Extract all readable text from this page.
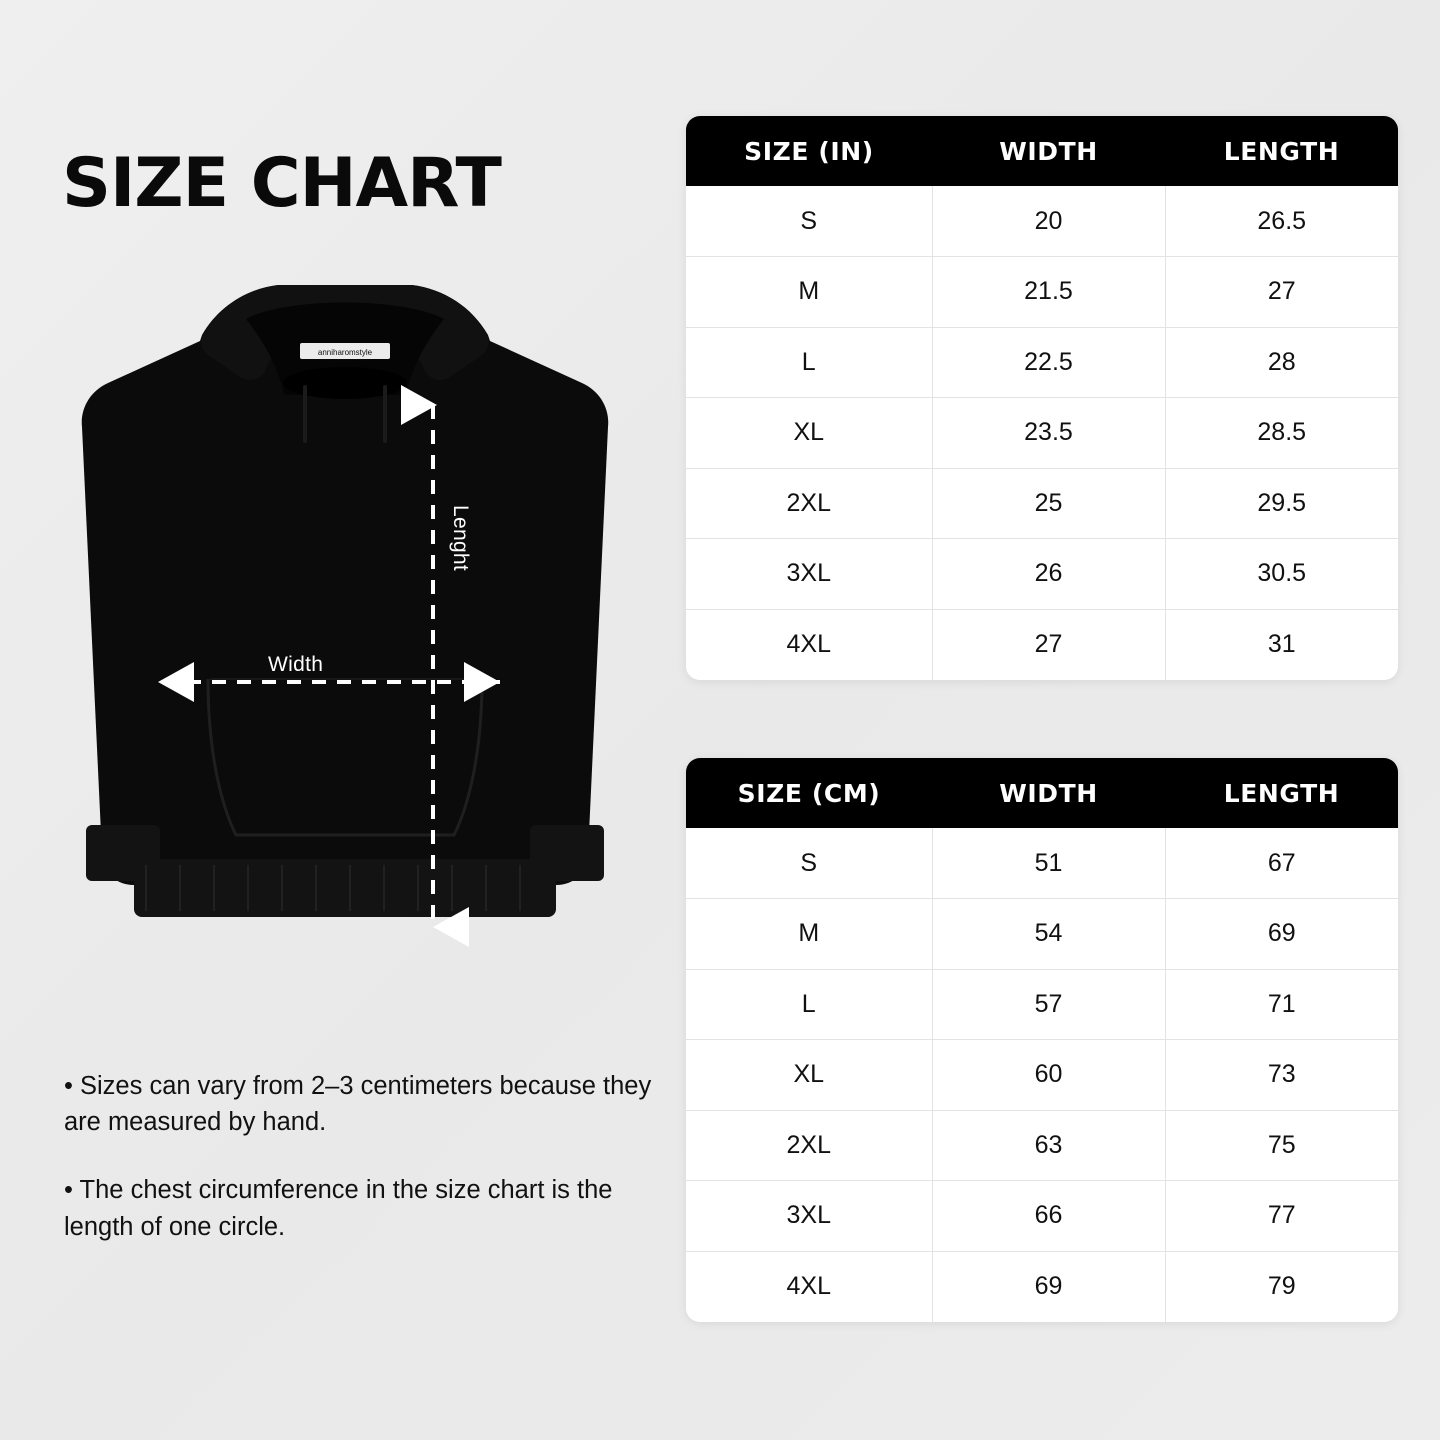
SIZE CHART
anniharomstyle
Width
Lenght

• Sizes can vary from 2–3 centimeters because they are measured by hand.

• The chest circumference in the size chart is the length of one circle.

SIZE (IN)	WIDTH	LENGTH
S	20	26.5
M	21.5	27
L	22.5	28
XL	23.5	28.5
2XL	25	29.5
3XL	26	30.5
4XL	27	31
SIZE (CM)	WIDTH	LENGTH
S	51	67
M	54	69
L	57	71
XL	60	73
2XL	63	75
3XL	66	77
4XL	69	79
